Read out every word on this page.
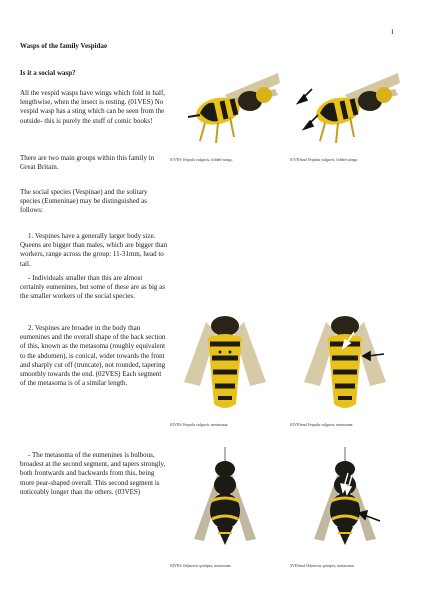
1

Wasps of the family Vespidae

Is it a social wasp?

All the vespid wasps have wings which fold in half, lengthwise, when the insect is resting. (01VES) No vespid wasp has a sting which can be seen from the outside- this is purely the stuff of comic books!

There are two main groups within this family in Great Britain.

The social species (Vespinae) and the solitary species (Eumeninae) may be distinguished as follows:

1. Vespines have a generally larger body size. Queens are bigger than males, which are bigger than workers, range across the group: 11-31mm, head to tail.

- Individuals smaller than this are almost certainly eumenines, but some of these are as big as the smaller workers of the social species.

2. Vespines are broader in the body than eumenines and the overall shape of the back section of this, known as the metasoma (roughly equivalent to the abdomen), is conical, wider towards the front and sharply cut off (truncate), not rounded, tapering smoothly towards the end. (02VES) Each segment of the metasoma is of a similar length.

- The metasoma of the eumenines is bulbous, broadest at the second segment, and tapers strongly, both frontwards and backwards from this, being more pear-shaped overall. This second segment is noticeably longer than the others. (03VES)

01VES Vespula vulgaris, folded wings.	01VESmd Vespula vulgaris, folded wings.
02VES Vespula vulgaris, metasoma.	02VESmd Vespula vulgaris, metasoma.
03VES Odynerus spinipes, metasoma.	3VESmd Odynerus spinipes, metasoma.
